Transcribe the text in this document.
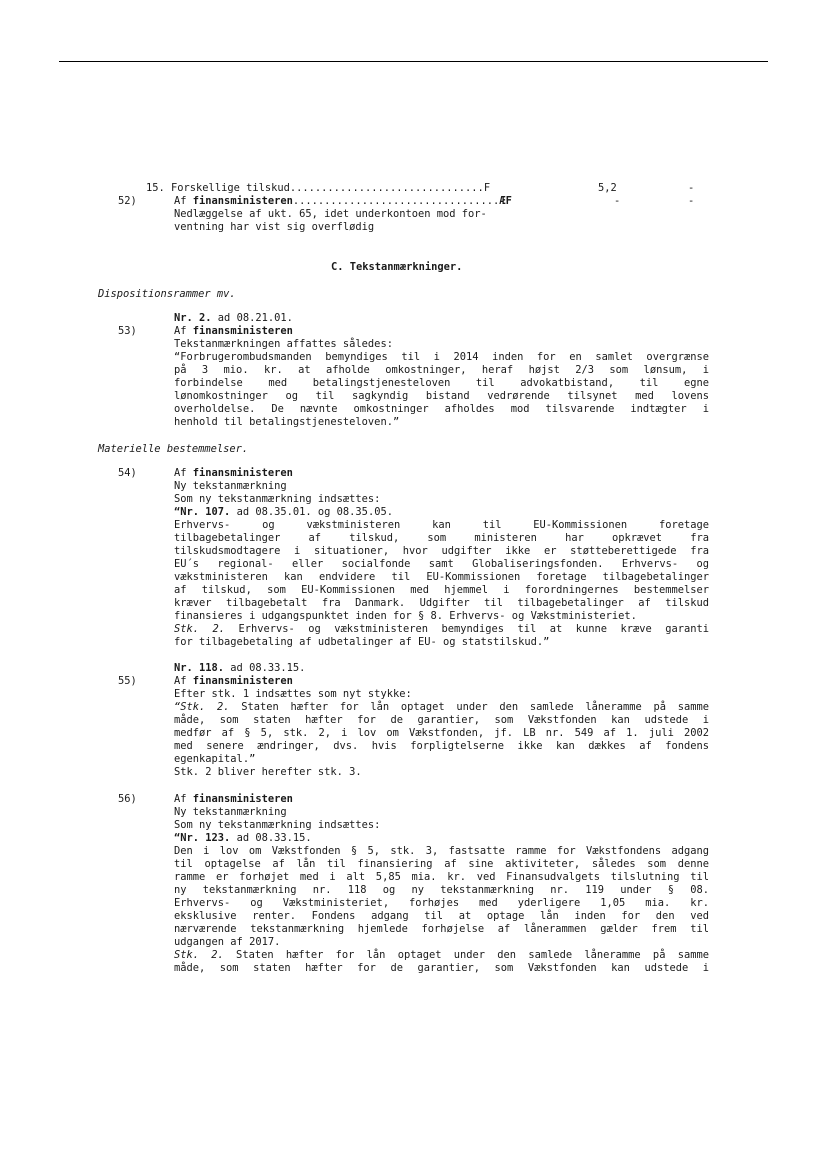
15. Forskellige tilskud...............................F	5,2	-
52)	Af finansministeren.................................ÆF	-	-
Nedlæggelse af ukt. 65, idet underkontoen mod for-
ventning har vist sig overflødig
C. Tekstanmærkninger.
Dispositionsrammer mv.
Nr. 2. ad 08.21.01.
53)	Af finansministeren
Tekstanmærkningen affattes således:
“Forbrugerombudsmanden bemyndiges til i 2014 inden for en samlet overgrænse
på 3 mio. kr. at afholde omkostninger, heraf højst 2/3 som lønsum, i
forbindelse med betalingstjenesteloven til advokatbistand, til egne
lønomkostninger og til sagkyndig bistand vedrørende tilsynet med lovens
overholdelse. De nævnte omkostninger afholdes mod tilsvarende indtægter i
henhold til betalingstjenesteloven.”
Materielle bestemmelser.
54)	Af finansministeren
Ny tekstanmærkning
Som ny tekstanmærkning indsættes:
“Nr. 107. ad 08.35.01. og 08.35.05.
Erhvervs- og vækstministeren kan til EU-Kommissionen foretage
tilbagebetalinger af tilskud, som ministeren har opkrævet fra
tilskudsmodtagere i situationer, hvor udgifter ikke er støtteberettigede fra
EU´s regional- eller socialfonde samt Globaliseringsfonden. Erhvervs- og
vækstministeren kan endvidere til EU-Kommissionen foretage tilbagebetalinger
af tilskud, som EU-Kommissionen med hjemmel i forordningernes bestemmelser
kræver tilbagebetalt fra Danmark. Udgifter til tilbagebetalinger af tilskud
finansieres i udgangspunktet inden for § 8. Erhvervs- og Vækstministeriet.
Stk. 2. Erhvervs- og vækstministeren bemyndiges til at kunne kræve garanti
for tilbagebetaling af udbetalinger af EU- og statstilskud.”
Nr. 118. ad 08.33.15.
55)	Af finansministeren
Efter stk. 1 indsættes som nyt stykke:
“Stk. 2. Staten hæfter for lån optaget under den samlede låneramme på samme
måde, som staten hæfter for de garantier, som Vækstfonden kan udstede i
medfør af § 5, stk. 2, i lov om Vækstfonden, jf. LB nr. 549 af 1. juli 2002
med senere ændringer, dvs. hvis forpligtelserne ikke kan dækkes af fondens
egenkapital.”
Stk. 2 bliver herefter stk. 3.
56)	Af finansministeren
Ny tekstanmærkning
Som ny tekstanmærkning indsættes:
“Nr. 123. ad 08.33.15.
Den i lov om Vækstfonden § 5, stk. 3, fastsatte ramme for Vækstfondens adgang
til optagelse af lån til finansiering af sine aktiviteter, således som denne
ramme er forhøjet med i alt 5,85 mia. kr. ved Finansudvalgets tilslutning til
ny tekstanmærkning nr. 118 og ny tekstanmærkning nr. 119 under § 08.
Erhvervs- og Vækstministeriet, forhøjes med yderligere 1,05 mia. kr.
eksklusive renter. Fondens adgang til at optage lån inden for den ved
nærværende tekstanmærkning hjemlede forhøjelse af lånerammen gælder frem til
udgangen af 2017.
Stk. 2. Staten hæfter for lån optaget under den samlede låneramme på samme
måde, som staten hæfter for de garantier, som Vækstfonden kan udstede i
